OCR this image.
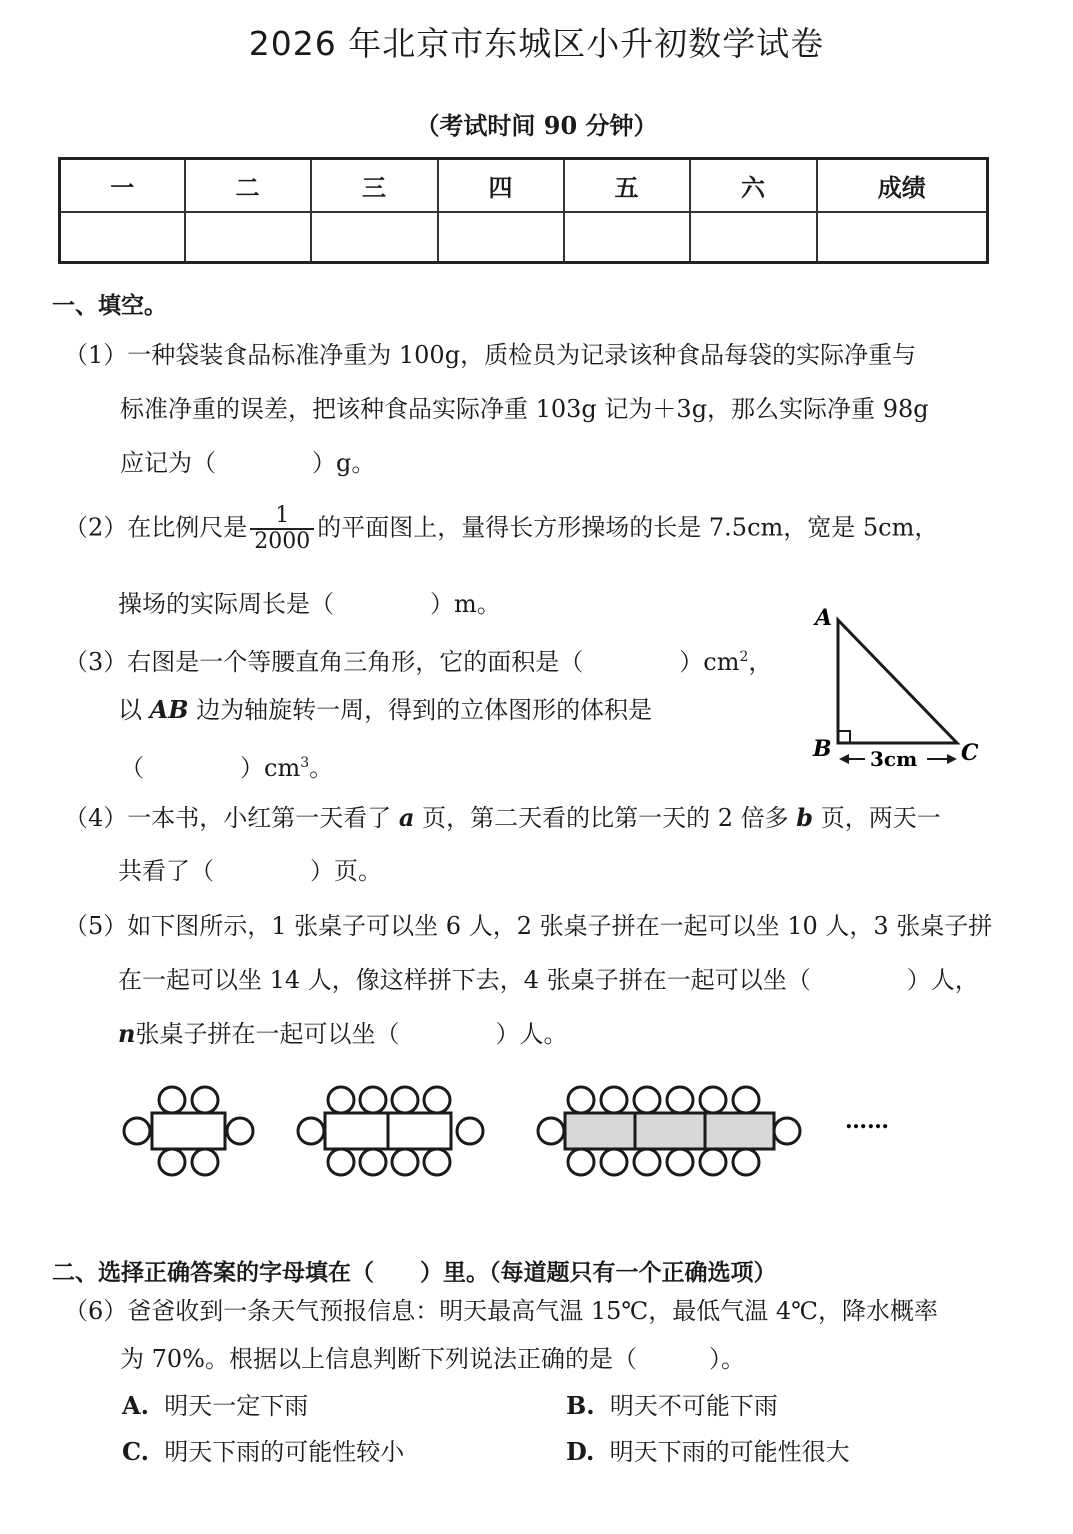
2026 年北京市东城区小升初数学试卷
（考试时间 90 分钟）
一	二	三	四	五	六	成绩

一、填空。
（1）一种袋装食品标准净重为 100g，质检员为记录该种食品每袋的实际净重与
标准净重的误差，把该种食品实际净重 103g 记为＋3g，那么实际净重 98g
应记为（　　　　）g。
（2）在比例尺是 $\frac{1}{2000}$ 的平面图上，量得长方形操场的长是 7.5cm，宽是 5cm，
操场的实际周长是（　　　　）m。
（3）右图是一个等腰直角三角形，它的面积是（　　　　）$cm^2$，
以 AB 边为轴旋转一周，得到的立体图形的体积是
（　　　　）$cm^3$。
A
B	C
3cm
（4）一本书，小红第一天看了 a 页，第二天看的比第一天的 2 倍多 b 页，两天一
共看了（　　　　）页。
（5）如下图所示，1 张桌子可以坐 6 人，2 张桌子拼在一起可以坐 10 人，3 张桌子拼
在一起可以坐 14 人，像这样拼下去，4 张桌子拼在一起可以坐（　　　　）人，
n张桌子拼在一起可以坐（　　　　）人。
……
二、选择正确答案的字母填在（　　）里。（每道题只有一个正确选项）
（6）爸爸收到一条天气预报信息：明天最高气温 15℃，最低气温 4℃，降水概率
为 70%。根据以上信息判断下列说法正确的是（　　　）。
A. 明天一定下雨	B. 明天不可能下雨
C. 明天下雨的可能性较小	D. 明天下雨的可能性很大
